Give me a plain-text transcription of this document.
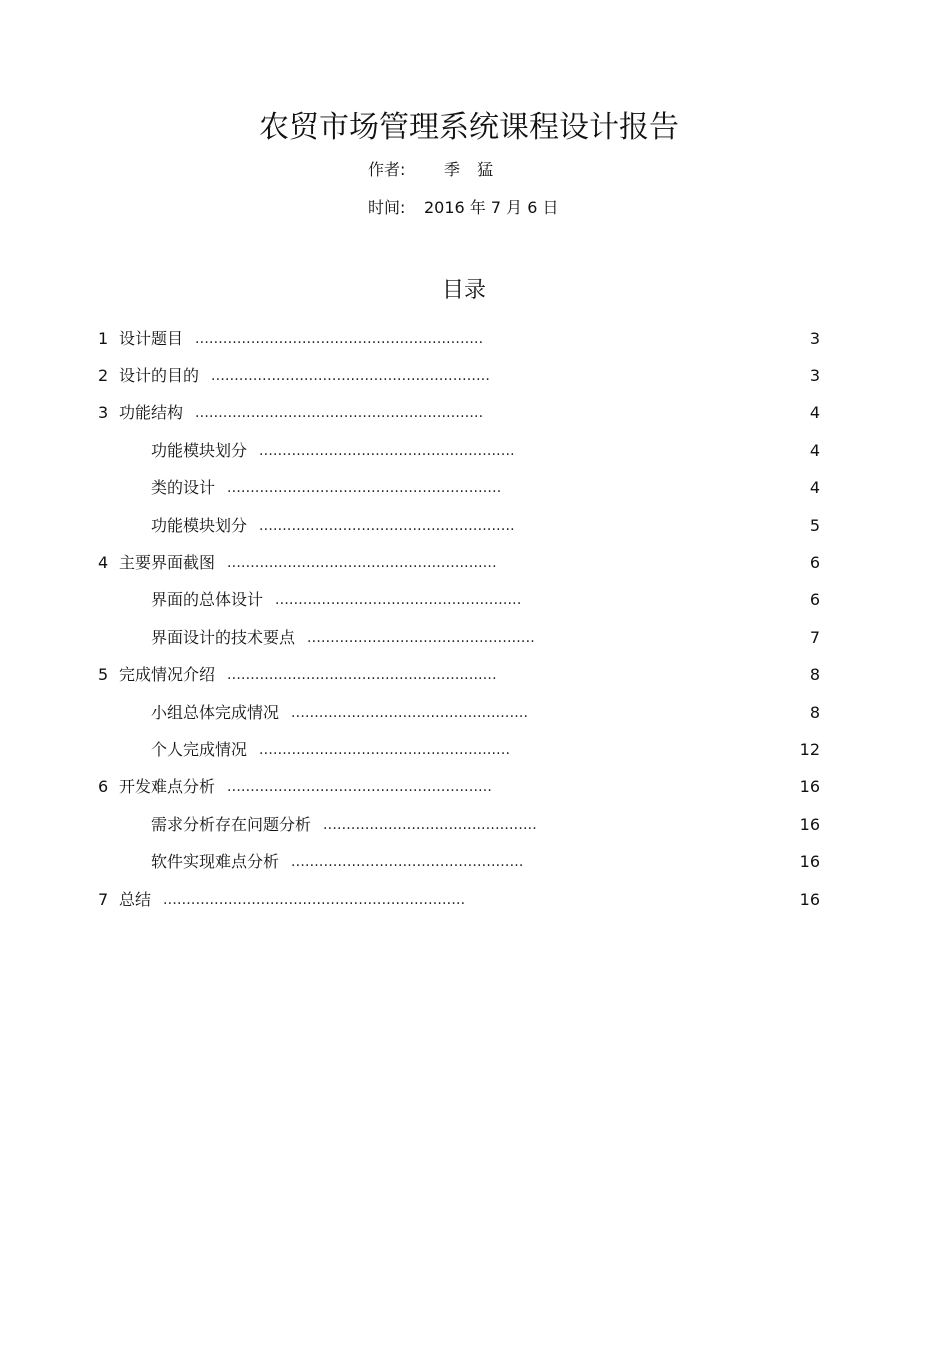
农贸市场管理系统课程设计报告
作者: 季 猛
时间: 2016 年 7 月 6 日
目录
1 设计题目 ..............................................................	3
2 设计的目的 ............................................................	3
3 功能结构 ..............................................................	4
功能模块划分 .......................................................	4
类的设计 ...........................................................	4
功能模块划分 .......................................................	5
4 主要界面截图 ..........................................................	6
界面的总体设计 .....................................................	6
界面设计的技术要点 .................................................	7
5 完成情况介绍 ..........................................................	8
小组总体完成情况 ...................................................	8
个人完成情况 ......................................................	12
6 开发难点分析 .........................................................	16
需求分析存在问题分析 ..............................................	16
软件实现难点分析 ..................................................	16
7 总结 .................................................................	16
